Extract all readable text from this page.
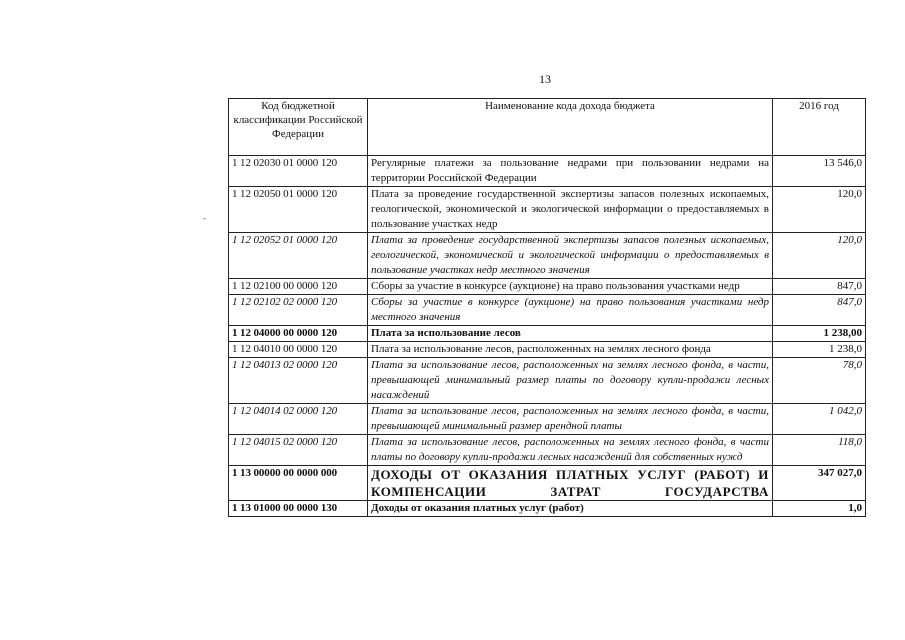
13
-
Код бюджетной классификации Российской Федерации	Наименование кода дохода бюджета	2016 год
1 12 02030 01 0000 120	Регулярные платежи за пользование недрами при пользовании недрами на территории Российской Федерации	13 546,0
1 12 02050 01 0000 120	Плата за проведение государственной экспертизы запасов полезных ископаемых, геологической, экономической и экологической информации о предоставляемых в пользование участках недр	120,0
1 12 02052 01 0000 120	Плата за проведение государственной экспертизы запасов полезных ископаемых, геологической, экономической и экологической информации о предоставляемых в пользование участках недр местного значения	120,0
1 12 02100 00 0000 120	Сборы за участие в конкурсе (аукционе) на право пользования участками недр	847,0
1 12 02102 02 0000 120	Сборы за участие в конкурсе (аукционе) на право пользования участками недр местного значения	847,0
1 12 04000 00 0000 120	Плата за использование лесов	1 238,00
1 12 04010 00 0000 120	Плата за использование лесов, расположенных на землях лесного фонда	1 238,0
1 12 04013 02 0000 120	Плата за использование лесов, расположенных на землях лесного фонда, в части, превышающей минимальный размер платы по договору купли-продажи лесных насаждений	78,0
1 12 04014 02 0000 120	Плата за использование лесов, расположенных на землях лесного фонда, в части, превышающей минимальный размер арендной платы	1 042,0
1 12 04015 02 0000 120	Плата за использование лесов, расположенных на землях лесного фонда, в части платы по договору купли-продажи лесных насаждений для собственных нужд	118,0
1 13 00000 00 0000 000	ДОХОДЫ ОТ ОКАЗАНИЯ ПЛАТНЫХ УСЛУГ (РАБОТ) И КОМПЕНСАЦИИ ЗАТРАТ ГОСУДАРСТВА	347 027,0
1 13 01000 00 0000 130	Доходы от оказания платных услуг (работ)	1,0
